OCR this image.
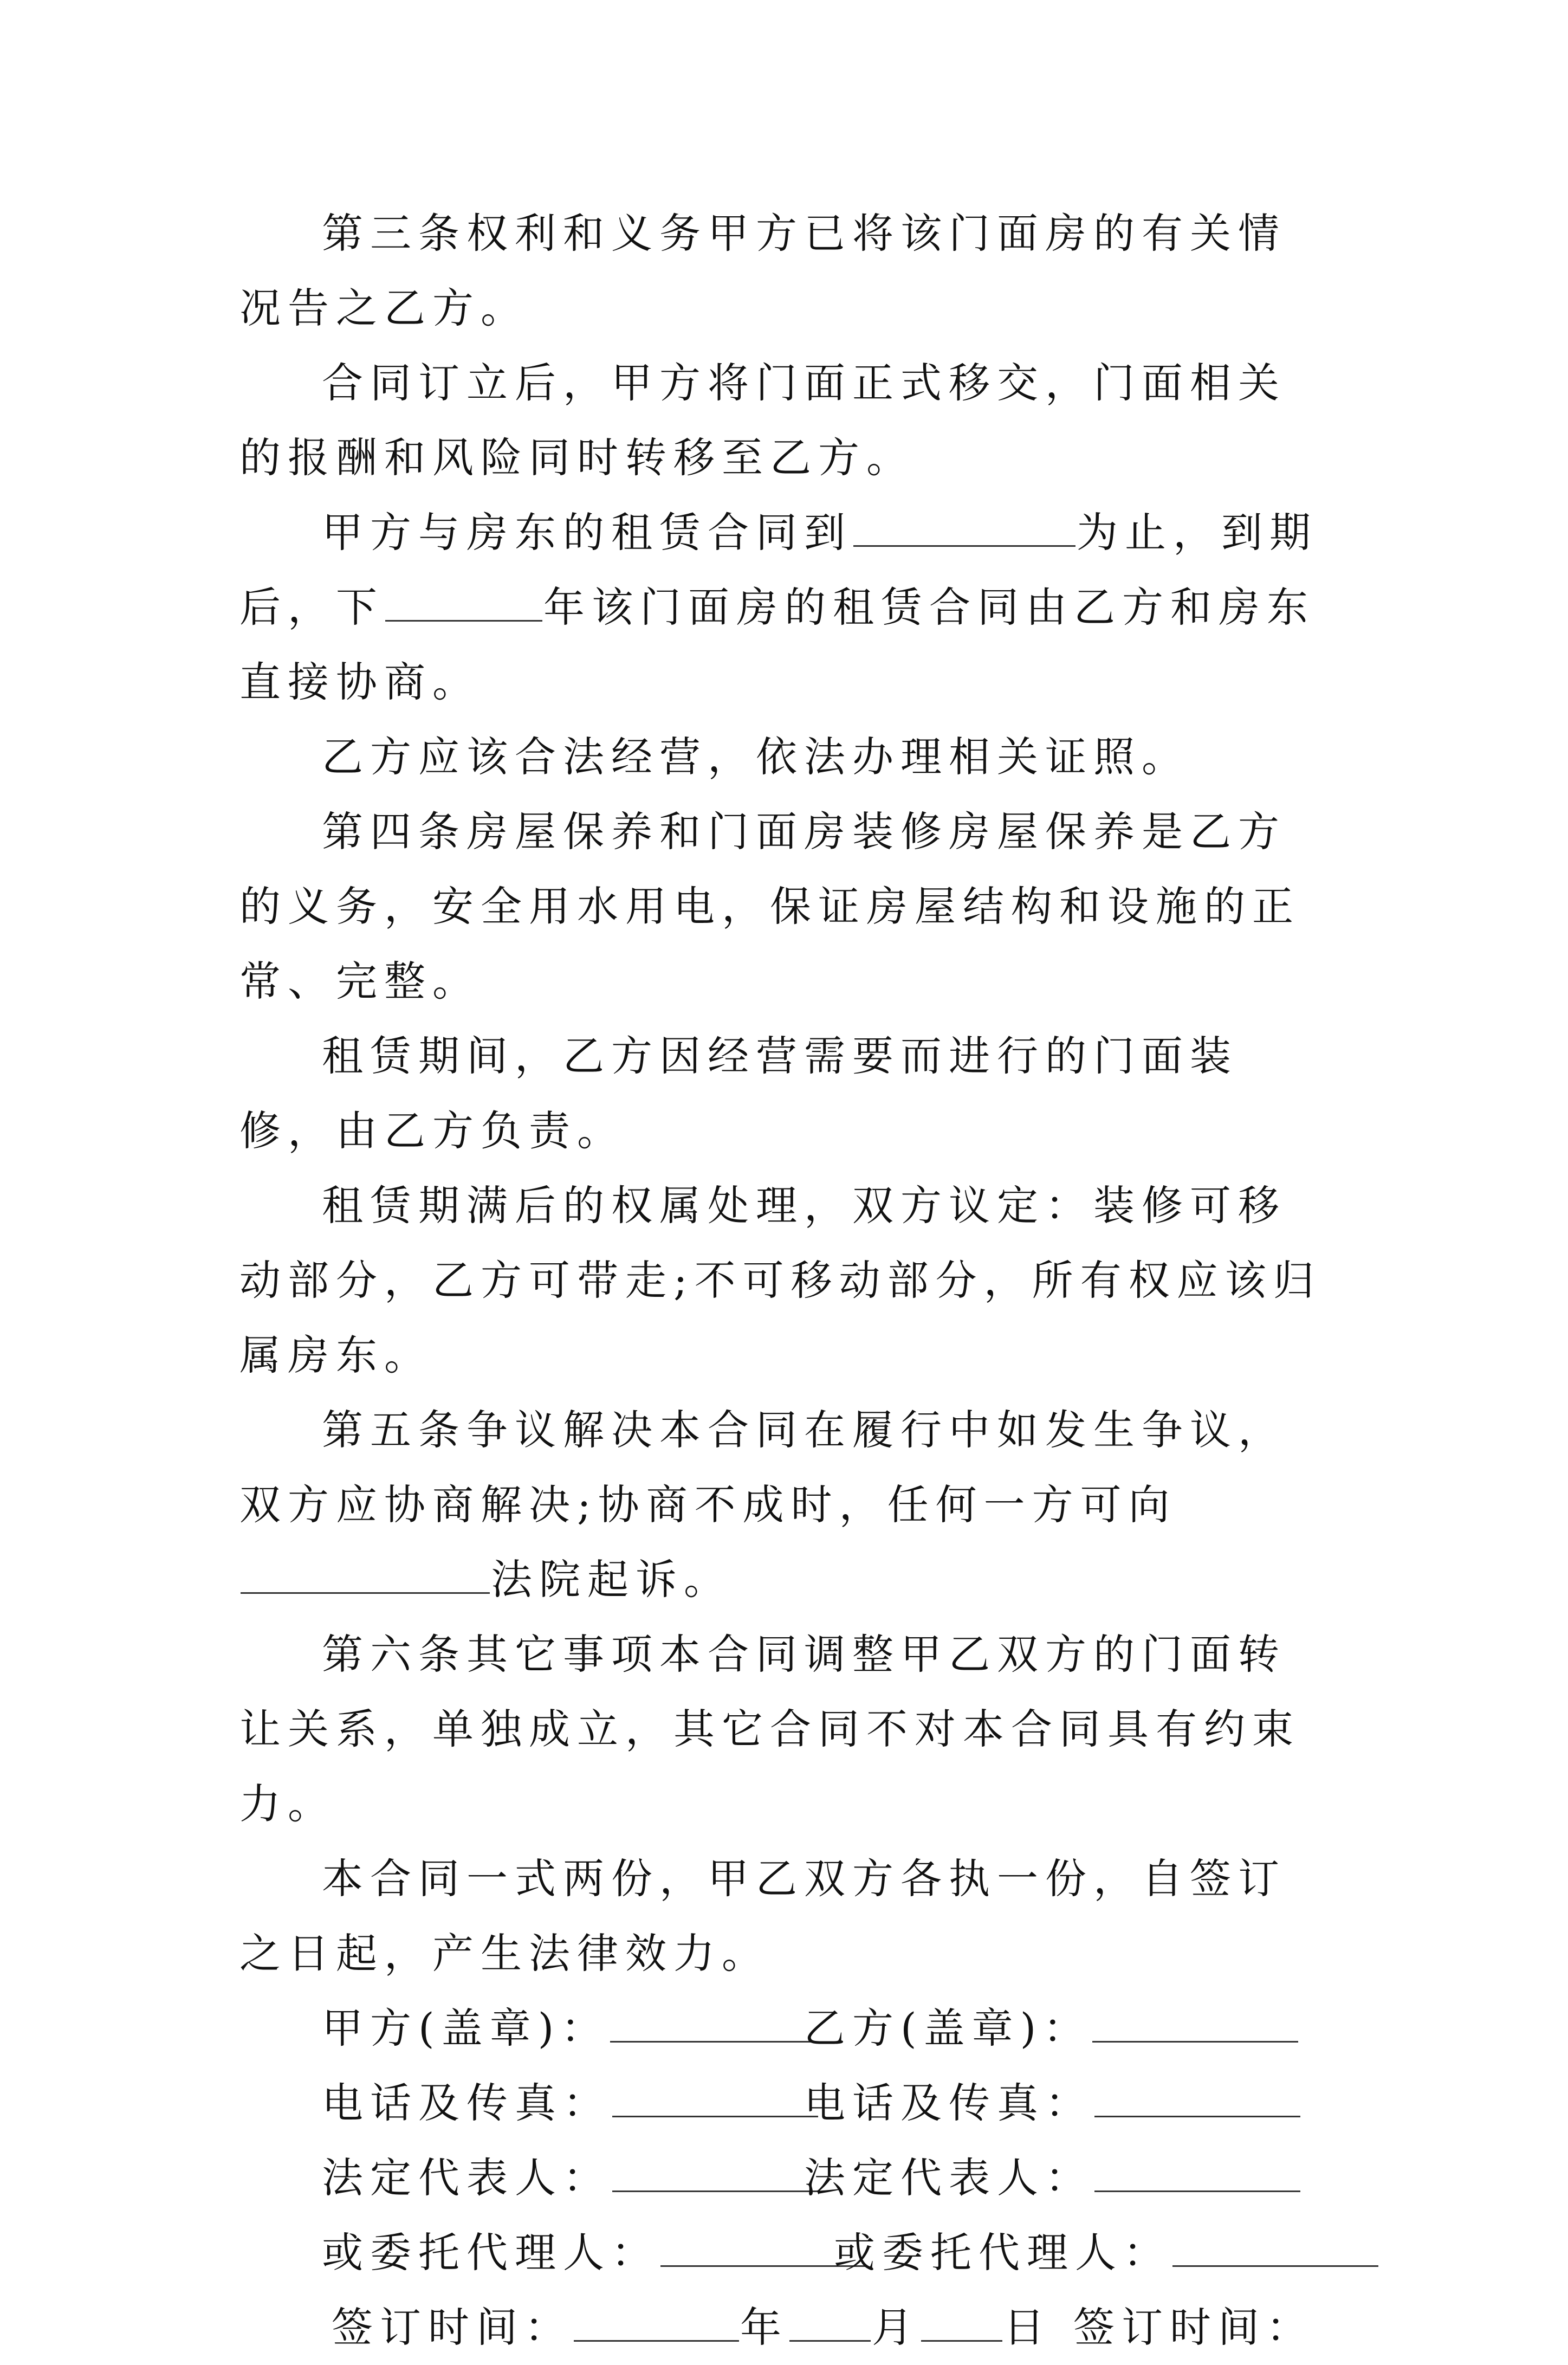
第三条权利和义务甲方已将该门面房的有关情况告之乙方。

合同订立后，甲方将门面正式移交，门面相关的报酬和风险同时转移至乙方。

甲方与房东的租赁合同到	为止，到期后，下	年该门面房的租赁合同由乙方和房东直接协商。

乙方应该合法经营，依法办理相关证照。

第四条房屋保养和门面房装修房屋保养是乙方的义务，安全用水用电，保证房屋结构和设施的正常、完整。

租赁期间，乙方因经营需要而进行的门面装修，由乙方负责。

租赁期满后的权属处理，双方议定：装修可移动部分，乙方可带走;不可移动部分，所有权应该归属房东。

第五条争议解决本合同在履行中如发生争议，双方应协商解决;协商不成时，任何一方可向法院起诉。

第六条其它事项本合同调整甲乙双方的门面转让关系，单独成立，其它合同不对本合同具有约束力。

本合同一式两份，甲乙双方各执一份，自签订之日起，产生法律效力。

甲方(盖章)：	乙方(盖章)：

电话及传真：	电话及传真：

法定代表人：	法定代表人：

或委托代理人：	或委托代理人：

签订时间：	年 月 日 签订时间：
